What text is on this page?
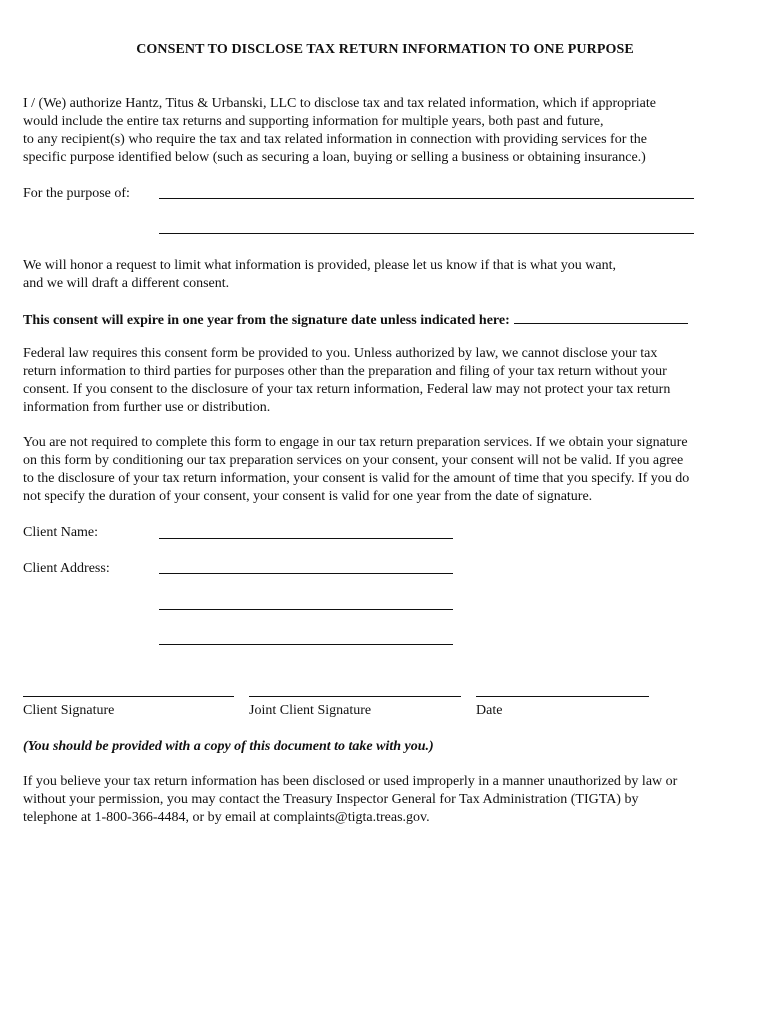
CONSENT TO DISCLOSE TAX RETURN INFORMATION TO ONE PURPOSE
I / (We) authorize Hantz, Titus & Urbanski, LLC to disclose tax and tax related information, which if appropriate
would include the entire tax returns and supporting information for multiple years, both past and future,
to any recipient(s) who require the tax and tax related information in connection with providing services for the
specific purpose identified below (such as securing a loan, buying or selling a business or obtaining insurance.)
For the purpose of:
We will honor a request to limit what information is provided, please let us know if that is what you want,
and we will draft a different consent.
This consent will expire in one year from the signature date unless indicated here:
Federal law requires this consent form be provided to you. Unless authorized by law, we cannot disclose your tax
return information to third parties for purposes other than the preparation and filing of your tax return without your
consent. If you consent to the disclosure of your tax return information, Federal law may not protect your tax return
information from further use or distribution.
You are not required to complete this form to engage in our tax return preparation services. If we obtain your signature
on this form by conditioning our tax preparation services on your consent, your consent will not be valid. If you agree
to the disclosure of your tax return information, your consent is valid for the amount of time that you specify. If you do
not specify the duration of your consent, your consent is valid for one year from the date of signature.
Client Name:
Client Address:
Client Signature	Joint Client Signature	Date
(You should be provided with a copy of this document to take with you.)
If you believe your tax return information has been disclosed or used improperly in a manner unauthorized by law or
without your permission, you may contact the Treasury Inspector General for Tax Administration (TIGTA) by
telephone at 1-800-366-4484, or by email at complaints@tigta.treas.gov.
